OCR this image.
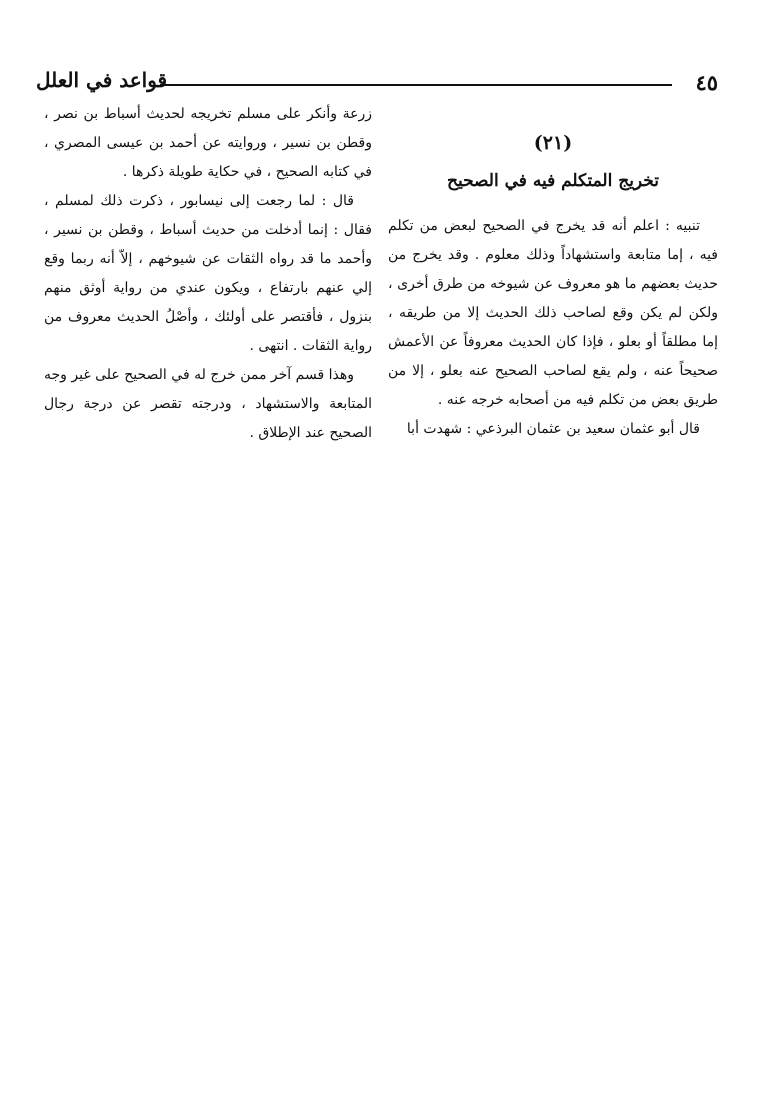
٤٥
قواعد في العلل
(٢١)
تخريج المتكلم فيه في الصحيح

تنبيه : اعلم أنه قد يخرج في الصحيح لبعض من تكلم فيه ، إما متابعة واستشهاداً وذلك معلوم . وقد يخرج من حديث بعضهم ما هو معروف عن شيوخه من طرق أخرى ، ولكن لم يكن وقع لصاحب ذلك الحديث إلا من طريقه ، إما مطلقاً أو بعلو ، فإذا كان الحديث معروفاً عن الأعمش صحيحاً عنه ، ولم يقع لصاحب الصحيح عنه بعلو ، إلا من طريق بعض من تكلم فيه من أصحابه خرجه عنه .

قال أبو عثمان سعيد بن عثمان البرذعي : شهدت أبا

زرعة وأنكر على مسلم تخريجه لحديث أسباط بن نصر ، وقطن بن نسير ، وروايته عن أحمد بن عيسى المصري ، في كتابه الصحيح ، في حكاية طويلة ذكرها .

قال : لما رجعت إلى نيسابور ، ذكرت ذلك لمسلم ، فقال : إنما أدخلت من حديث أسباط ، وقطن بن نسير ، وأحمد ما قد رواه الثقات عن شيوخهم ، إلاّ أنه ربما وقع إلي عنهم بارتفاع ، ويكون عندي من رواية أوثق منهم بنزول ، فأقتصر على أولئك ، وأصْلُ الحديث معروف من رواية الثقات . انتهى .

وهذا قسم آخر ممن خرج له في الصحيح على غير وجه المتابعة والاستشهاد ، ودرجته تقصر عن درجة رجال الصحيح عند الإطلاق .
